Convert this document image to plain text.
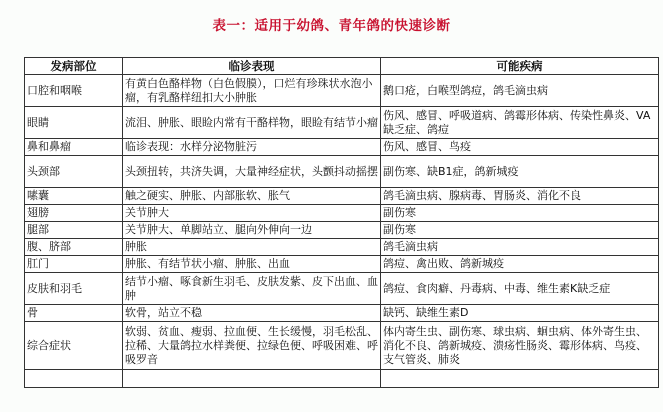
表一：适用于幼鸽、青年鸽的快速诊断
发病部位	临诊表现	可能疾病
口腔和咽喉	有黄白色酪样物（白色假膜），口烂有珍珠状水泡小瘤，有乳酪样纽扣大小肿胀	鹅口疮，白喉型鸽痘，鸽毛滴虫病
眼睛	流泪、肿胀、眼睑内常有干酪样物，眼睑有结节小瘤	伤风、感冒、呼吸道病、鸽霉形体病、传染性鼻炎、VA缺乏症、鸽痘
鼻和鼻瘤	临诊表现：水样分泌物脏污	伤风、感冒、鸟疫
头颈部	头颈扭转，共济失调，大量神经症状，头颤抖动摇摆	副伤寒、缺B1症，鸽新城疫
嗉囊	触之硬实、肿胀、内部胀软、胀气	鸽毛滴虫病、腺病毒、胃肠炎、消化不良
翅膀	关节肿大	副伤寒
腿部	关节肿大、单脚站立、腿向外伸向一边	副伤寒
腹、脐部	肿胀	鸽毛滴虫病
肛门	肿胀、有结节状小瘤、肿胀、出血	鸽痘、禽出败、鸽新城疫
皮肤和羽毛	结节小瘤、啄食新生羽毛、皮肤发紫、皮下出血、血肿	鸽痘、食肉癖、丹毒病、中毒、维生素K缺乏症
骨	软骨，站立不稳	缺钙、缺维生素D
综合症状	软弱、贫血、瘦弱、拉血便、生长缓慢，羽毛松乱、拉稀、大量鸽拉水样粪便、拉绿色便、呼吸困难、呼吸罗音	体内寄生虫、副伤寒、球虫病、蛔虫病、体外寄生虫、消化不良、鸽新城疫、溃疡性肠炎、霉形体病、鸟疫、支气管炎、肺炎
